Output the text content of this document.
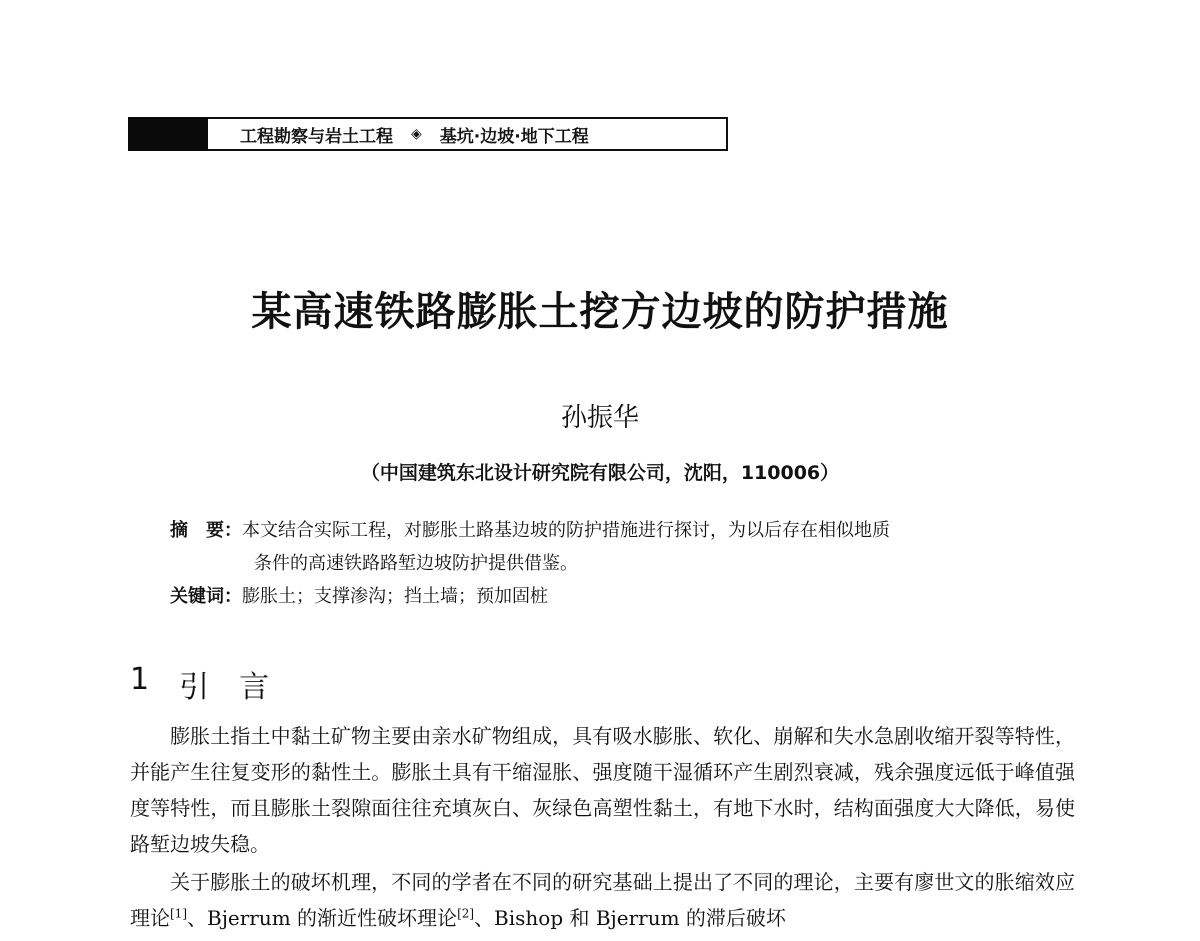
工程勘察与岩土工程 ◈ 基坑·边坡·地下工程
某高速铁路膨胀土挖方边坡的防护措施
孙振华
（中国建筑东北设计研究院有限公司，沈阳，110006）
摘　要：本文结合实际工程，对膨胀土路基边坡的防护措施进行探讨，为以后存在相似地质
条件的高速铁路路堑边坡防护提供借鉴。
关键词：膨胀土；支撑渗沟；挡土墙；预加固桩
1 引　言

膨胀土指土中黏土矿物主要由亲水矿物组成，具有吸水膨胀、软化、崩解和失水急剧收缩开裂等特性，并能产生往复变形的黏性土。膨胀土具有干缩湿胀、强度随干湿循环产生剧烈衰减，残余强度远低于峰值强度等特性，而且膨胀土裂隙面往往充填灰白、灰绿色高塑性黏土，有地下水时，结构面强度大大降低，易使路堑边坡失稳。

关于膨胀土的破坏机理，不同的学者在不同的研究基础上提出了不同的理论，主要有廖世文的胀缩效应理论[1]、Bjerrum 的渐近性破坏理论[2]、Bishop 和 Bjerrum 的滞后破坏
